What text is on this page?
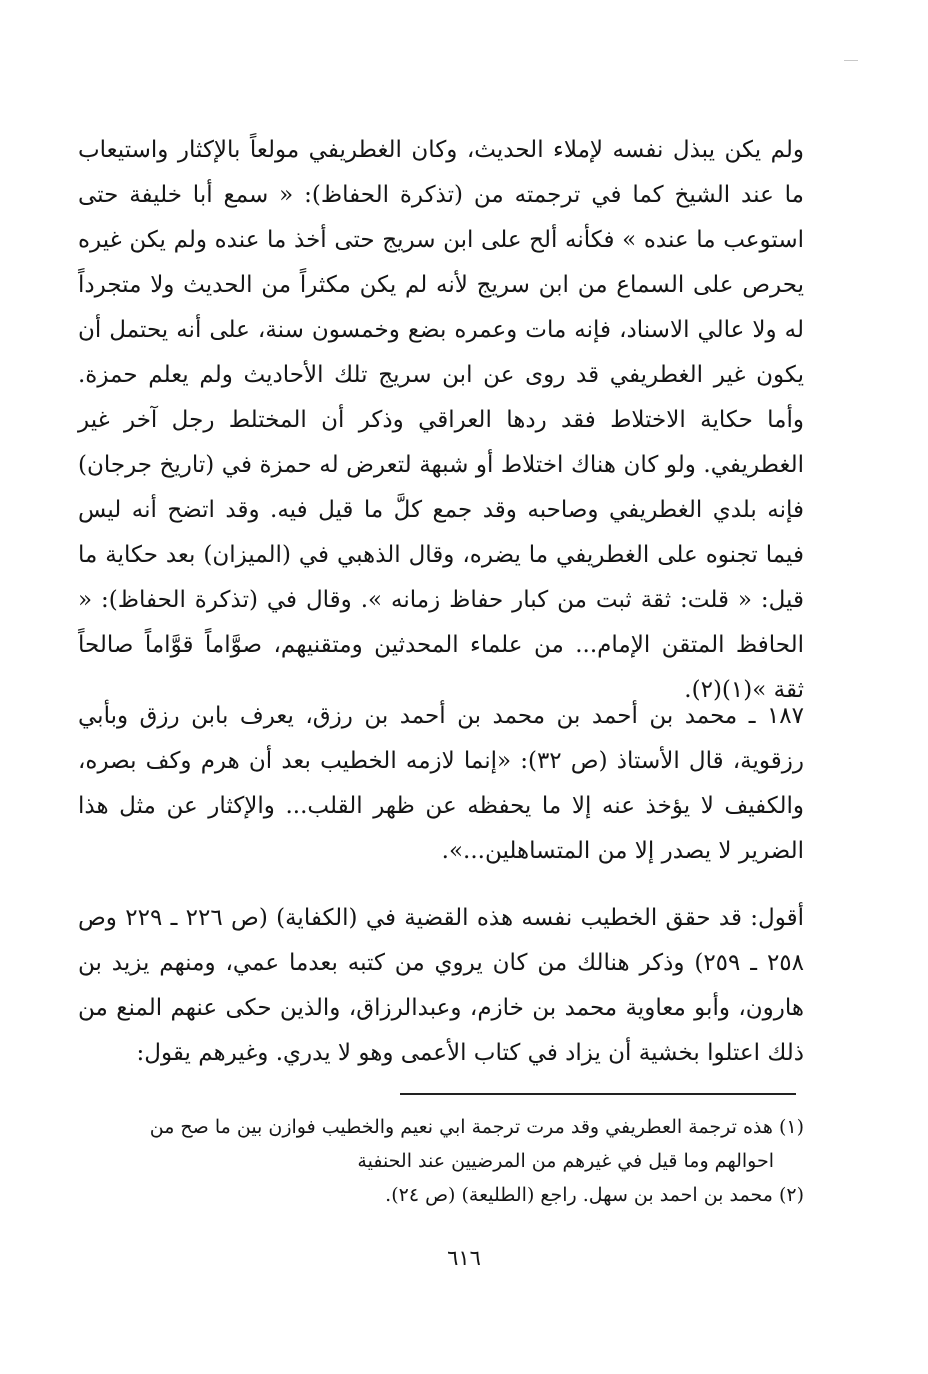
ولم يكن يبذل نفسه لإملاء الحديث، وكان الغطريفي مولعاً بالإكثار واستيعاب ما عند الشيخ كما في ترجمته من (تذكرة الحفاظ): « سمع أبا خليفة حتى استوعب ما عنده » فكأنه ألح على ابن سريج حتى أخذ ما عنده ولم يكن غيره يحرص على السماع من ابن سريج لأنه لم يكن مكثراً من الحديث ولا متجرداً له ولا عالي الاسناد، فإنه مات وعمره بضع وخمسون سنة، على أنه يحتمل أن يكون غير الغطريفي قد روى عن ابن سريج تلك الأحاديث ولم يعلم حمزة. وأما حكاية الاختلاط فقد ردها العراقي وذكر أن المختلط رجل آخر غير الغطريفي. ولو كان هناك اختلاط أو شبهة لتعرض له حمزة في (تاريخ جرجان) فإنه بلدي الغطريفي وصاحبه وقد جمع كلَّ ما قيل فيه. وقد اتضح أنه ليس فيما تجنوه على الغطريفي ما يضره، وقال الذهبي في (الميزان) بعد حكاية ما قيل: « قلت: ثقة ثبت من كبار حفاظ زمانه ». وقال في (تذكرة الحفاظ): « الحافظ المتقن الإمام... من علماء المحدثين ومتقنيهم، صوَّاماً قوَّاماً صالحاً ثقة »(١)(٢).

١٨٧ ـ محمد بن أحمد بن محمد بن أحمد بن رزق، يعرف بابن رزق وبأبي رزقوية، قال الأستاذ (ص ٣٢): «إنما لازمه الخطيب بعد أن هرم وكف بصره، والكفيف لا يؤخذ عنه إلا ما يحفظه عن ظهر القلب... والإكثار عن مثل هذا الضرير لا يصدر إلا من المتساهلين...».

أقول: قد حقق الخطيب نفسه هذه القضية في (الكفاية) (ص ٢٢٦ ـ ٢٢٩ وص ٢٥٨ ـ ٢٥٩) وذكر هنالك من كان يروي من كتبه بعدما عمي، ومنهم يزيد بن هارون، وأبو معاوية محمد بن خازم، وعبدالرزاق، والذين حكى عنهم المنع من ذلك اعتلوا بخشية أن يزاد في كتاب الأعمى وهو لا يدري. وغيرهم يقول:

(١) هذه ترجمة العطريفي وقد مرت ترجمة ابي نعيم والخطيب فوازن بين ما صح من

احوالهم وما قيل في غيرهم من المرضيين عند الحنفية

(٢) محمد بن احمد بن سهل. راجع (الطليعة) (ص ٢٤).

٦١٦
